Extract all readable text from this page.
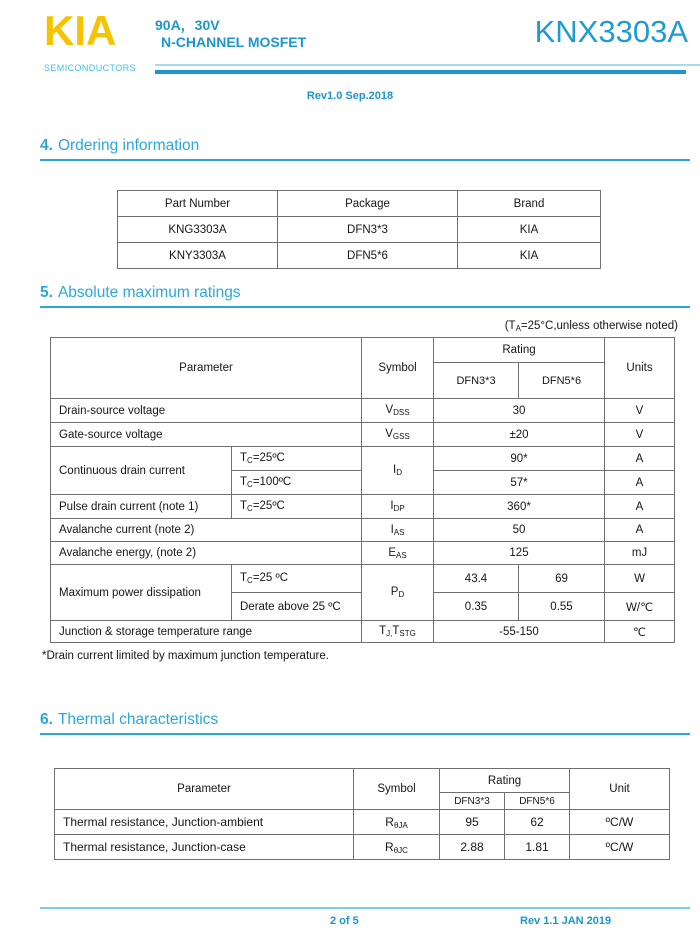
KIA
SEMICONDUCTORS
90A，30V
N-CHANNEL MOSFET	KNX3303A
Rev1.0 Sep.2018
4. Ordering information
Part Number	Package	Brand
KNG3303A	DFN3*3	KIA
KNY3303A	DFN5*6	KIA
5. Absolute maximum ratings
($T_A=25^\circ C,unless$ otherwise noted)
Parameter		Symbol	Rating		Units
			DFN3*3	DFN5*6	
Drain-source voltage		$V_{DSS}$	30		V
Gate-source voltage		$V_{GSS}$	±20		V
Continuous drain current	$T_C=25ºC$	$I_D$	90*		A
	$T_C=100ºC$		57*		A
Pulse drain current (note 1)	$T_C=25ºC$	$I_{DP}$	360*		A
Avalanche current (note 2)		$I_{AS}$	50		A
Avalanche energy, (note 2)		$E_{AS}$	125		mJ
Maximum power dissipation	$T_C=25$ ºC	$P_D$	43.4	69	W
	Derate above 25 ºC		0.35	0.55	W/℃
Junction & storage temperature range		$T_{J,}T_{STG}$	-55-150		℃
*Drain current limited by maximum junction temperature.
6. Thermal characteristics
Parameter	Symbol	Rating		Unit
		DFN3*3	DFN5*6	
Thermal resistance, Junction-ambient	$R_{\theta JA}$	95	62	ºC/W
Thermal resistance, Junction-case	$R_{\theta JC}$	2.88	1.81	ºC/W
2 of 5	Rev 1.1 JAN 2019
